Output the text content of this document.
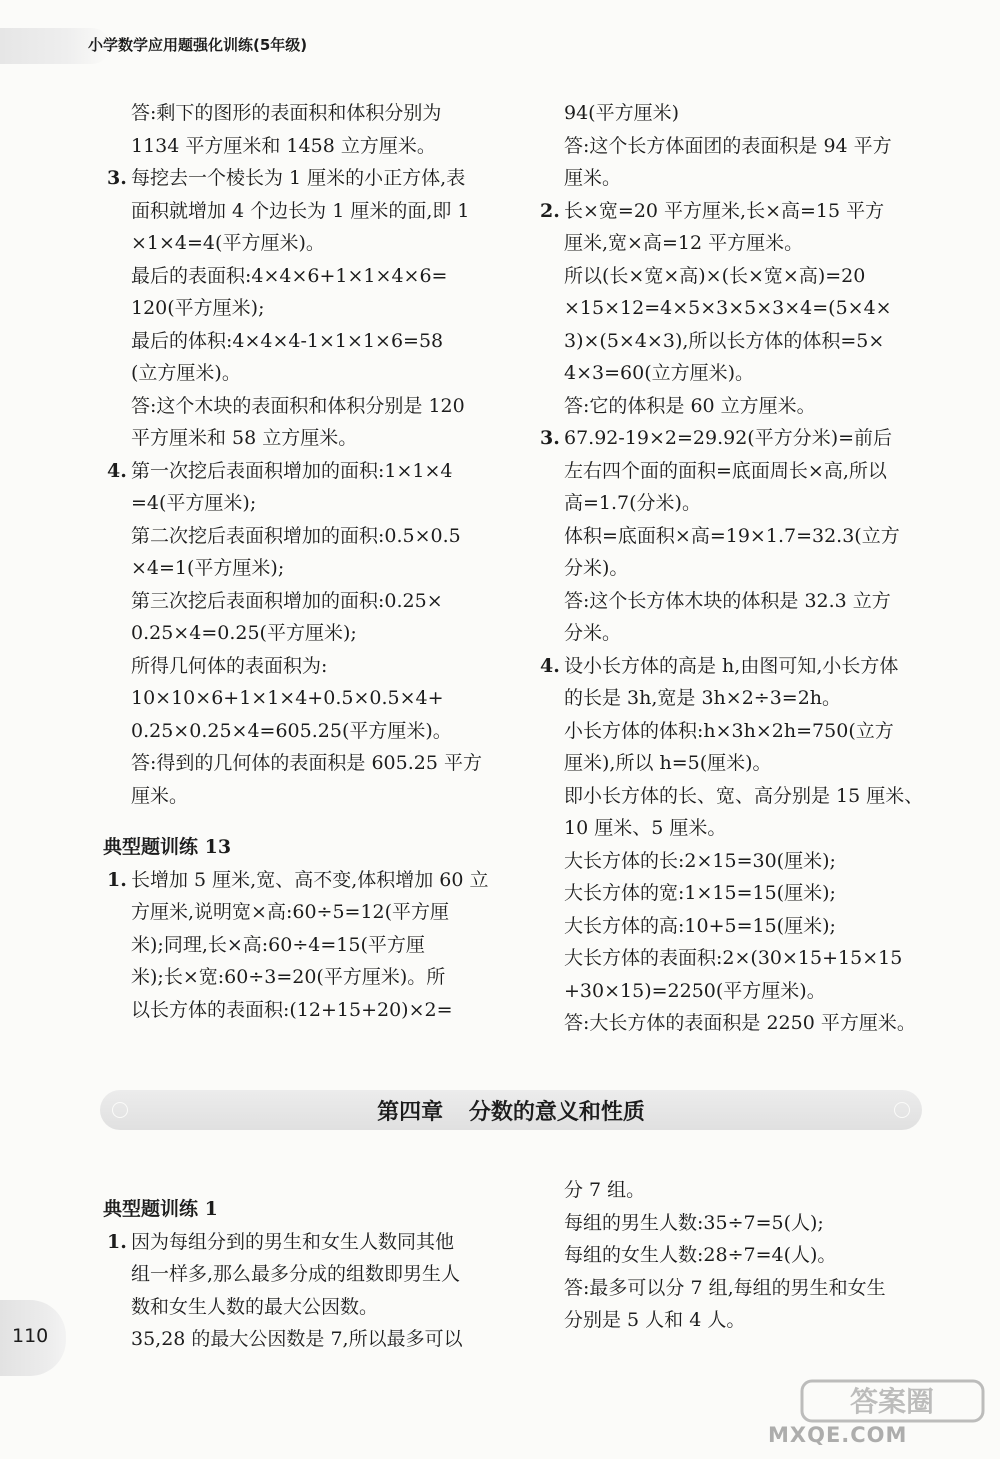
小学数学应用题强化训练(5年级)
答:剩下的图形的表面积和体积分别为
1134 平方厘米和 1458 立方厘米。
3. 每挖去一个棱长为 1 厘米的小正方体,表
面积就增加 4 个边长为 1 厘米的面,即 1
×1×4=4(平方厘米)。
最后的表面积:4×4×6+1×1×4×6=
120(平方厘米);
最后的体积:4×4×4-1×1×1×6=58
(立方厘米)。
答:这个木块的表面积和体积分别是 120
平方厘米和 58 立方厘米。
4. 第一次挖后表面积增加的面积:1×1×4
=4(平方厘米);
第二次挖后表面积增加的面积:0.5×0.5
×4=1(平方厘米);
第三次挖后表面积增加的面积:0.25×
0.25×4=0.25(平方厘米);
所得几何体的表面积为:
10×10×6+1×1×4+0.5×0.5×4+
0.25×0.25×4=605.25(平方厘米)。
答:得到的几何体的表面积是 605.25 平方
厘米。
典型题训练 13
1. 长增加 5 厘米,宽、高不变,体积增加 60 立
方厘米,说明宽×高:60÷5=12(平方厘
米);同理,长×高:60÷4=15(平方厘
米);长×宽:60÷3=20(平方厘米)。所
以长方体的表面积:(12+15+20)×2=
94(平方厘米)
答:这个长方体面团的表面积是 94 平方
厘米。
2. 长×宽=20 平方厘米,长×高=15 平方
厘米,宽×高=12 平方厘米。
所以(长×宽×高)×(长×宽×高)=20
×15×12=4×5×3×5×3×4=(5×4×
3)×(5×4×3),所以长方体的体积=5×
4×3=60(立方厘米)。
答:它的体积是 60 立方厘米。
3. 67.92-19×2=29.92(平方分米)=前后
左右四个面的面积=底面周长×高,所以
高=1.7(分米)。
体积=底面积×高=19×1.7=32.3(立方
分米)。
答:这个长方体木块的体积是 32.3 立方
分米。
4. 设小长方体的高是 h,由图可知,小长方体
的长是 3h,宽是 3h×2÷3=2h。
小长方体的体积:h×3h×2h=750(立方
厘米),所以 h=5(厘米)。
即小长方体的长、宽、高分别是 15 厘米、
10 厘米、5 厘米。
大长方体的长:2×15=30(厘米);
大长方体的宽:1×15=15(厘米);
大长方体的高:10+5=15(厘米);
大长方体的表面积:2×(30×15+15×15
+30×15)=2250(平方厘米)。
答:大长方体的表面积是 2250 平方厘米。
第四章 分数的意义和性质
典型题训练 1
1. 因为每组分到的男生和女生人数同其他
组一样多,那么最多分成的组数即男生人
数和女生人数的最大公因数。
35,28 的最大公因数是 7,所以最多可以
分 7 组。
每组的男生人数:35÷7=5(人);
每组的女生人数:28÷7=4(人)。
答:最多可以分 7 组,每组的男生和女生
分别是 5 人和 4 人。
110
答案圈
MXQE.COM
